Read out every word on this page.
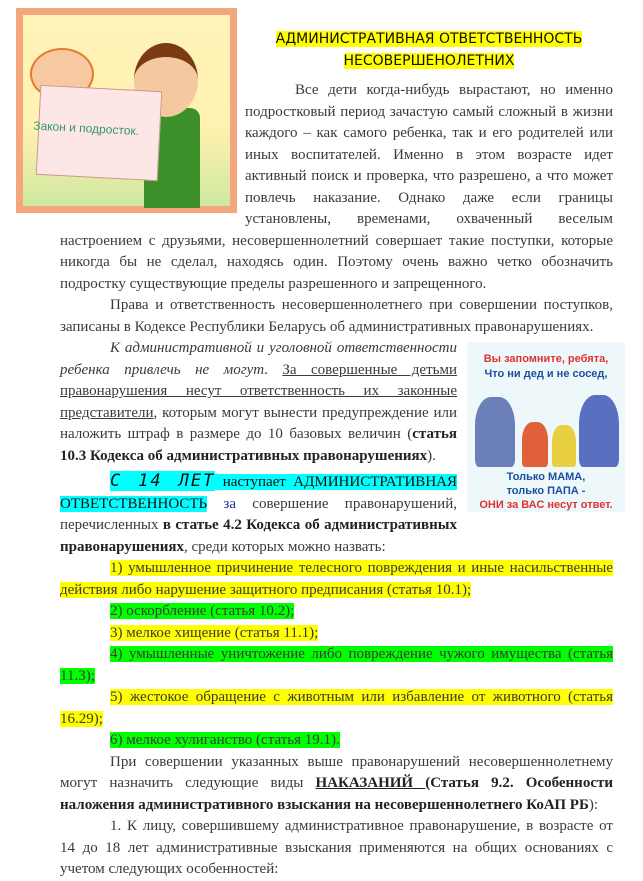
Закон и подросток.
АДМИНИСТРАТИВНАЯ ОТВЕТСТВЕННОСТЬ
НЕСОВЕРШЕНОЛЕТНИХ

Все дети когда-нибудь вырастают, но именно подростковый период зачастую самый сложный в жизни каждого – как самого ребенка, так и его родителей или иных воспитателей. Именно в этом возрасте идет активный поиск и проверка, что разрешено, а что может повлечь наказание. Однако даже если границы установлены, временами, охваченный веселым настроением с друзьями, несовершеннолетний совершает такие поступки, которые никогда бы не сделал, находясь один. Поэтому очень важно четко обозначить подростку существующие пределы разрешенного и запрещенного.

Права и ответственность несовершеннолетнего при совершении поступков, записаны в Кодексе Республики Беларусь об административных правонарушениях.

Вы запомните, ребята,
Что ни дед и не сосед,
Только МАМА,
только ПАПА -
ОНИ за ВАС несут ответ.

К административной и уголовной ответственности ребенка привлечь не могут. За совершенные детьми правонарушения несут ответственность их законные представители, которым могут вынести предупреждение или наложить штраф в размере до 10 базовых величин (статья 10.3 Кодекса об административных правонарушениях).

С 14 ЛЕТ наступает АДМИНИСТРАТИВНАЯ ОТВЕТСТВЕННОСТЬ за совершение правонарушений, перечисленных в статье 4.2 Кодекса об административных правонарушениях, среди которых можно назвать:

1) умышленное причинение телесного повреждения и иные насильственные действия либо нарушение защитного предписания (статья 10.1);

2) оскорбление (статья 10.2);

3) мелкое хищение (статья 11.1);

4) умышленные уничтожение либо повреждение чужого имущества (статья 11.3);

5) жестокое обращение с животным или избавление от животного (статья 16.29);

6) мелкое хулиганство (статья 19.1).

При совершении указанных выше правонарушений несовершеннолетнему могут назначить следующие виды НАКАЗАНИЙ (Статья 9.2. Особенности наложения административного взыскания на несовершеннолетнего КоАП РБ):

1. К лицу, совершившему административное правонарушение, в возрасте от 14 до 18 лет административные взыскания применяются на общих основаниях с учетом следующих особенностей:
